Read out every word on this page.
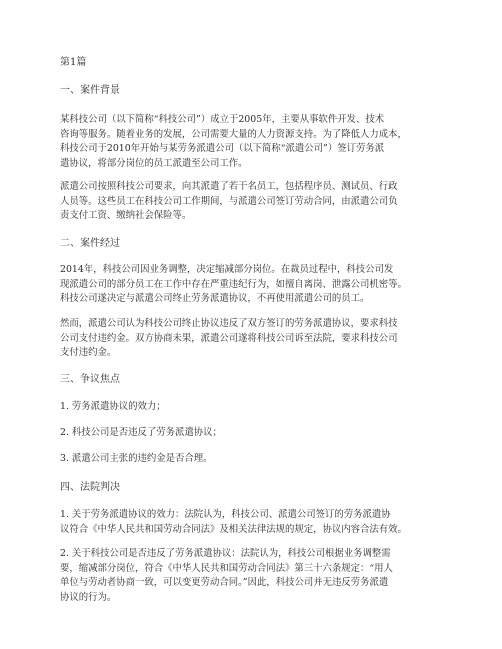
第1篇
一、案件背景
某科技公司（以下简称“科技公司”）成立于2005年，主要从事软件开发、技术
咨询等服务。随着业务的发展，公司需要大量的人力资源支持。为了降低人力成本，
科技公司于2010年开始与某劳务派遣公司（以下简称“派遣公司”）签订劳务派
遣协议，将部分岗位的员工派遣至公司工作。
派遣公司按照科技公司要求，向其派遣了若干名员工，包括程序员、测试员、行政
人员等。这些员工在科技公司工作期间，与派遣公司签订劳动合同，由派遣公司负
责支付工资、缴纳社会保险等。
二、案件经过
2014年，科技公司因业务调整，决定缩减部分岗位。在裁员过程中，科技公司发
现派遣公司的部分员工在工作中存在严重违纪行为，如擅自离岗、泄露公司机密等。
科技公司遂决定与派遣公司终止劳务派遣协议，不再使用派遣公司的员工。
然而，派遣公司认为科技公司终止协议违反了双方签订的劳务派遣协议，要求科技
公司支付违约金。双方协商未果，派遣公司遂将科技公司诉至法院，要求科技公司
支付违约金。
三、争议焦点
1. 劳务派遣协议的效力；
2. 科技公司是否违反了劳务派遣协议；
3. 派遣公司主张的违约金是否合理。
四、法院判决
1. 关于劳务派遣协议的效力：法院认为，科技公司、派遣公司签订的劳务派遣协
议符合《中华人民共和国劳动合同法》及相关法律法规的规定，协议内容合法有效。
2. 关于科技公司是否违反了劳务派遣协议：法院认为，科技公司根据业务调整需
要，缩减部分岗位，符合《中华人民共和国劳动合同法》第三十六条规定：“用人
单位与劳动者协商一致，可以变更劳动合同。”因此，科技公司并无违反劳务派遣
协议的行为。
